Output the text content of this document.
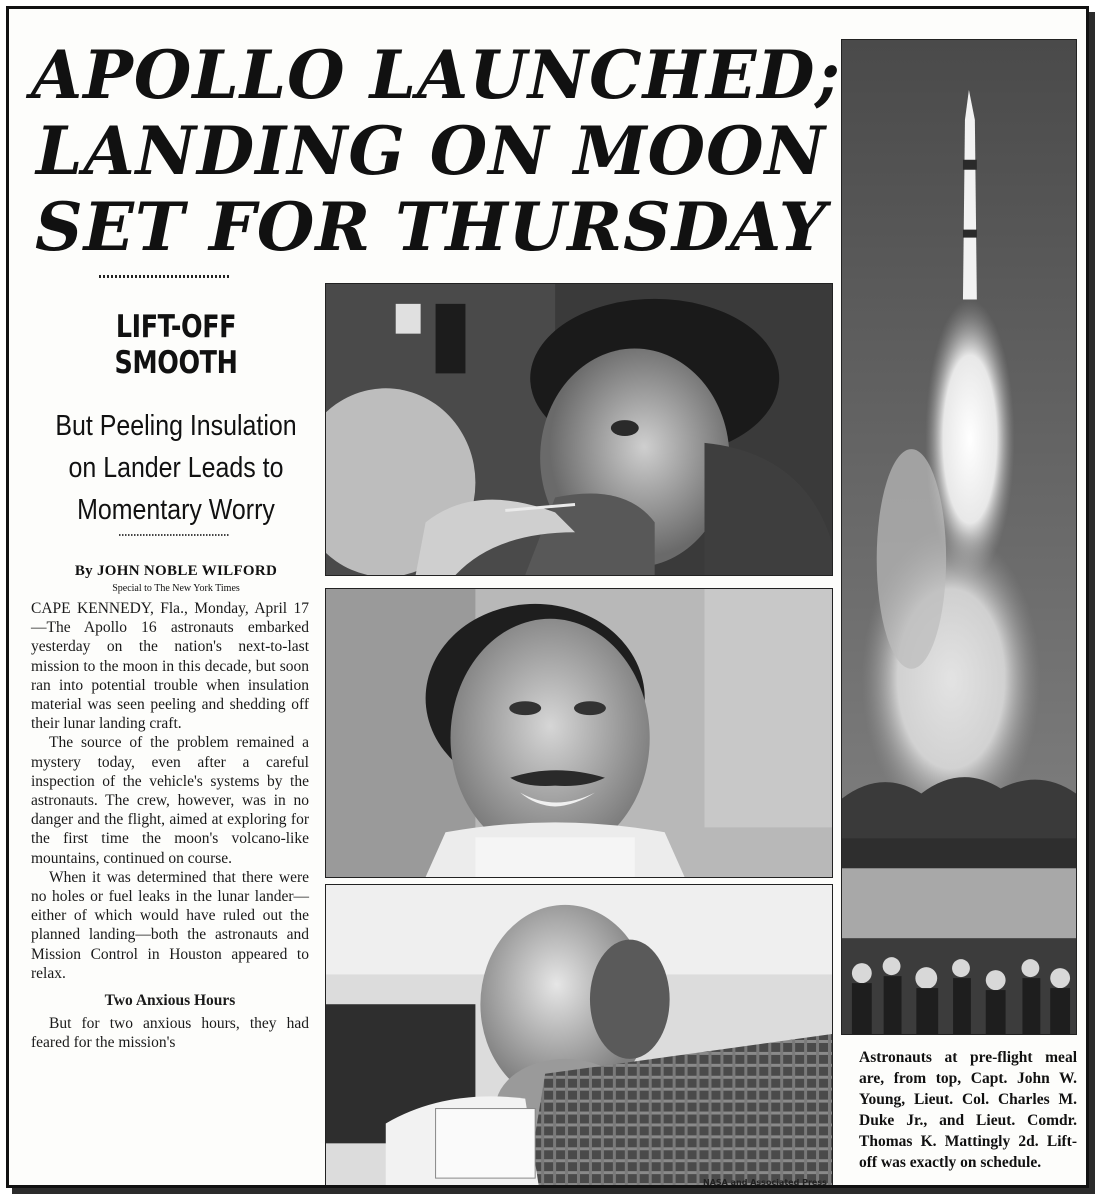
APOLLO LAUNCHED;
LANDING ON MOON
SET FOR THURSDAY
LIFT-OFF SMOOTH
But Peeling Insulation
on Lander Leads to
Momentary Worry
By JOHN NOBLE WILFORD
Special to The New York Times

CAPE KENNEDY, Fla., Monday, April 17—The Apollo 16 astronauts embarked yesterday on the nation's next-to-last mission to the moon in this decade, but soon ran into potential trouble when insulation material was seen peeling and shedding off their lunar landing craft.

The source of the problem remained a mystery today, even after a careful inspection of the vehicle's systems by the astronauts. The crew, however, was in no danger and the flight, aimed at exploring for the first time the moon's volcano-like mountains, continued on course.

When it was determined that there were no holes or fuel leaks in the lunar lander—either of which would have ruled out the planned landing—both the astronauts and Mission Control in Houston appeared to relax.

Two Anxious Hours

But for two anxious hours, they had feared for the mission's

NASA and Associated Press
Astronauts at pre-flight meal are, from top, Capt. John W. Young, Lieut. Col. Charles M. Duke Jr., and Lieut. Comdr. Thomas K. Mattingly 2d. Lift-off was exactly on schedule.
